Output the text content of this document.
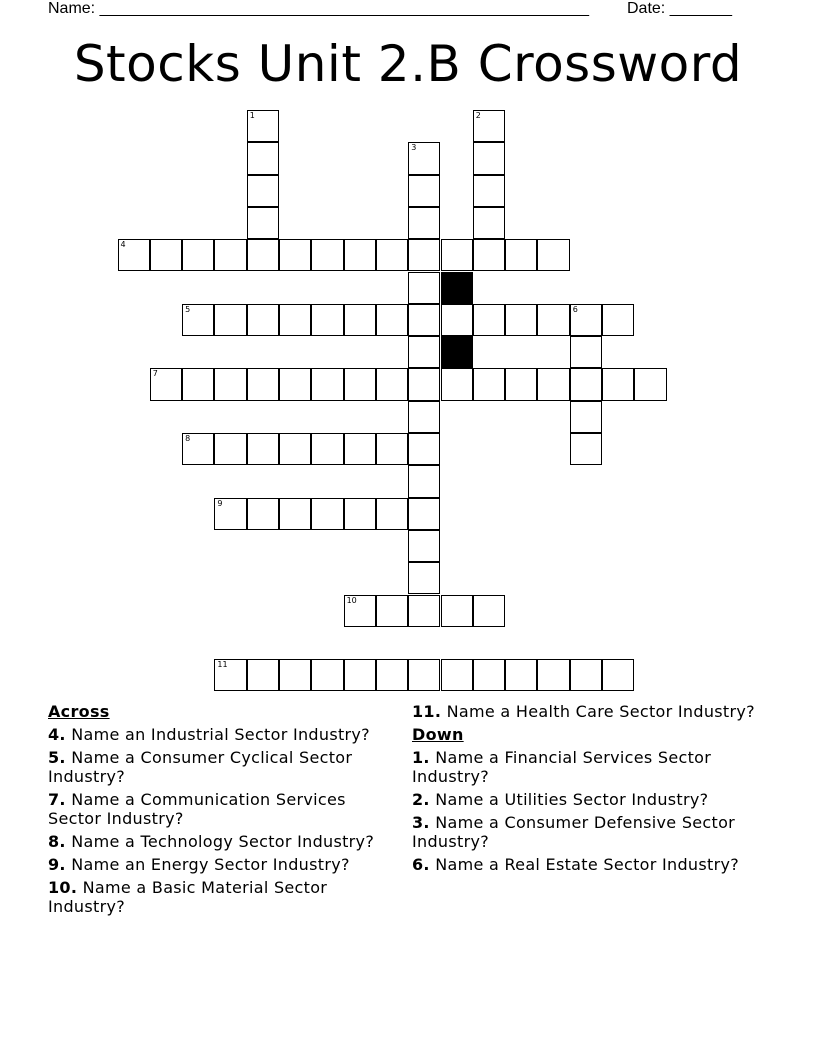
Name: _______________________________________________________ Date: _______
Stocks Unit 2.B Crossword
1	2
3
4
5	6
7
8
9
10
11
Across
4. Name an Industrial Sector Industry?
5. Name a Consumer Cyclical Sector Industry?
7. Name a Communication Services Sector Industry?
8. Name a Technology Sector Industry?
9. Name an Energy Sector Industry?
10. Name a Basic Material Sector Industry?
11. Name a Health Care Sector Industry?
Down
1. Name a Financial Services Sector Industry?
2. Name a Utilities Sector Industry?
3. Name a Consumer Defensive Sector Industry?
6. Name a Real Estate Sector Industry?
